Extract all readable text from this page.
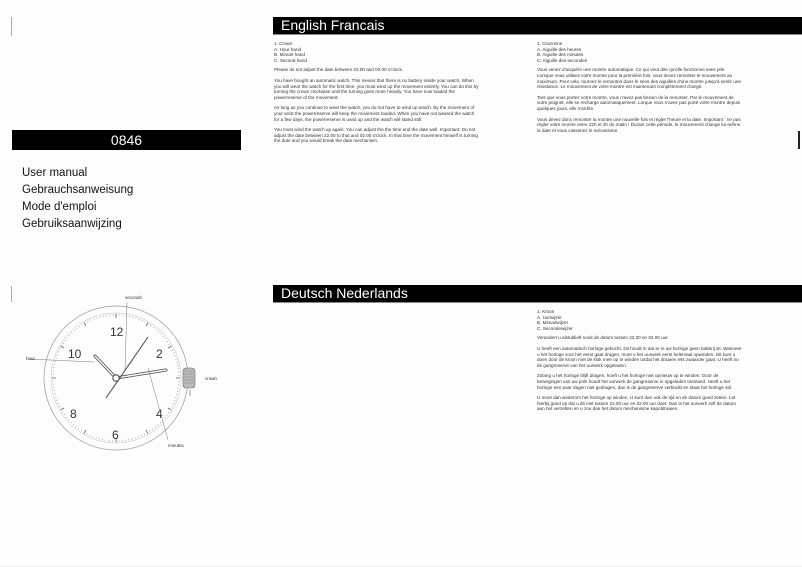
English Francais
Deutsch Nederlands
0846
User manual
Gebrauchsanweisung
Mode d'emploi
Gebruiksaanwijzing
1. Crown
A. Hour hand
B. Minute hand
C. Second hand

Please do not adjust the date between 22.00 and 02.00 o'clock.

You have bought an automatic watch. This means that there is no battery inside your watch. When you will wear the watch for the first time, you must wind up the movement entirely. You can do this by turning the crown clockwise until the turning goes more heavily. You have now loaded the powerreserve of the movement.

As long as you continue to wear the watch, you do not have to wind up watch. By the movement of your wrist the powerreserve will keep the movement loaded. When you have not weared the watch for a few days, the powerreserve is used up and the watch will stand still.

You must wind the watch up again. You can adjust the the time and the date well. Important: Do not adjust the date between 22.00 to that and 02.00 o'clock. In that time the movement himself is turning the date and you would break the date mechanism.

1. Couronne
A. Aiguille des heures
B. Aiguille des minutes
C. Aiguille des secondes

Vous venez d'acquérir une montre automatique. Ce qui veut dire qu'elle fonctionne sans pile. Lorsque vous utilisez votre montre pour la première fois, vous devez remonter le mouvement au maximum. Pour cela, tournez le remontoir dans le sens des aiguilles d'une montre jusqu'à sentir une résistance. Le mouvement de votre montre est maintenant complètement chargé.

Tant que vous portez votre montre, vous n'avez pas besoin de la remonter. Par le mouvement de votre poignet, elle se recharge automatiquement. Lorque vous n'avez pas porté votre montre depuis quelques jours, elle s'arrête.

Vous devez donc remonter la montre une nouvelle fois et régler l'heure et la date. Important : ne pas régler votre montre entre 22h et 2h du matin ! Durant cette période, le mouvement change lui-même la date et vous casseriez le mécanisme.

1. Kroon
A. Uurwijzer
B. Minuutwijzer
C. Secondewijzer

Verandert u alstublieft nooit de datum tussen 22.00 en 02.00 uur.

U heeft een automatisch horloge gekocht. Dit houdt in dat er in uw horloge geen batterij zit. Wanneer u het horloge voor het eerst gaat dragen, moet u het uurwerk eerst helemaal opwinden. Dit kunt u doen door de kroon met de klok mee op te winden totdat het draaien iets zwaarder gaat. U heeft nu de gangreserve van het uurwerk opgeladen.

Zolang u het horloge blijft dragen, hoeft u het horloge niet opnieuw op te winden. Door de bewegingen van uw pols houdt het uurwerk de gangreserve in opgeladen toestand. Heeft u het horloge een paar dagen niet gedragen, dan is de gangreserve verbruikt en staat het horloge stil.

U moet dan wederom het horloge op winden. U kunt dan ook de tijd en de datum goed zetten. Let hierbij goed op dat u dit niet tussen 22.00 uur en 02.00 uur doet. Dan is het uurwerk zelf de datum aan het verzetten en u zou dan het datum mechanisme kapotdraaien.

12
2
4
6
8
10
seconds
hour
crown
minutes
